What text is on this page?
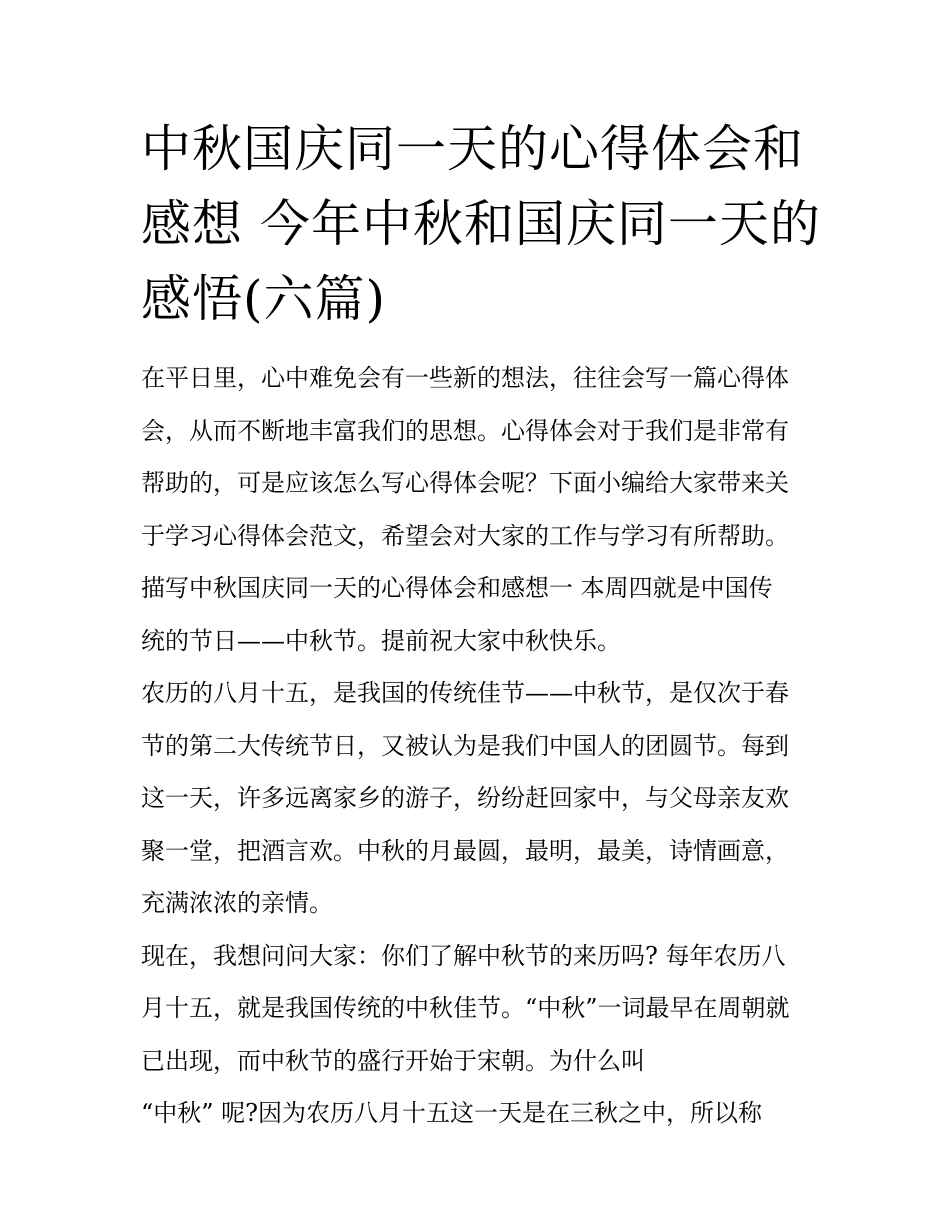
中秋国庆同一天的心得体会和
感想 今年中秋和国庆同一天的
感悟(六篇)
在平日里，心中难免会有一些新的想法，往往会写一篇心得体
会，从而不断地丰富我们的思想。心得体会对于我们是非常有
帮助的，可是应该怎么写心得体会呢？下面小编给大家带来关
于学习心得体会范文，希望会对大家的工作与学习有所帮助。
描写中秋国庆同一天的心得体会和感想一 本周四就是中国传
统的节日——中秋节。提前祝大家中秋快乐。
农历的八月十五，是我国的传统佳节——中秋节，是仅次于春
节的第二大传统节日，又被认为是我们中国人的团圆节。每到
这一天，许多远离家乡的游子，纷纷赶回家中，与父母亲友欢
聚一堂，把酒言欢。中秋的月最圆，最明，最美，诗情画意，
充满浓浓的亲情。
现在，我想问问大家：你们了解中秋节的来历吗? 每年农历八
月十五，就是我国传统的中秋佳节。“中秋”一词最早在周朝就
已出现，而中秋节的盛行开始于宋朝。为什么叫
“中秋” 呢?因为农历八月十五这一天是在三秋之中，所以称
